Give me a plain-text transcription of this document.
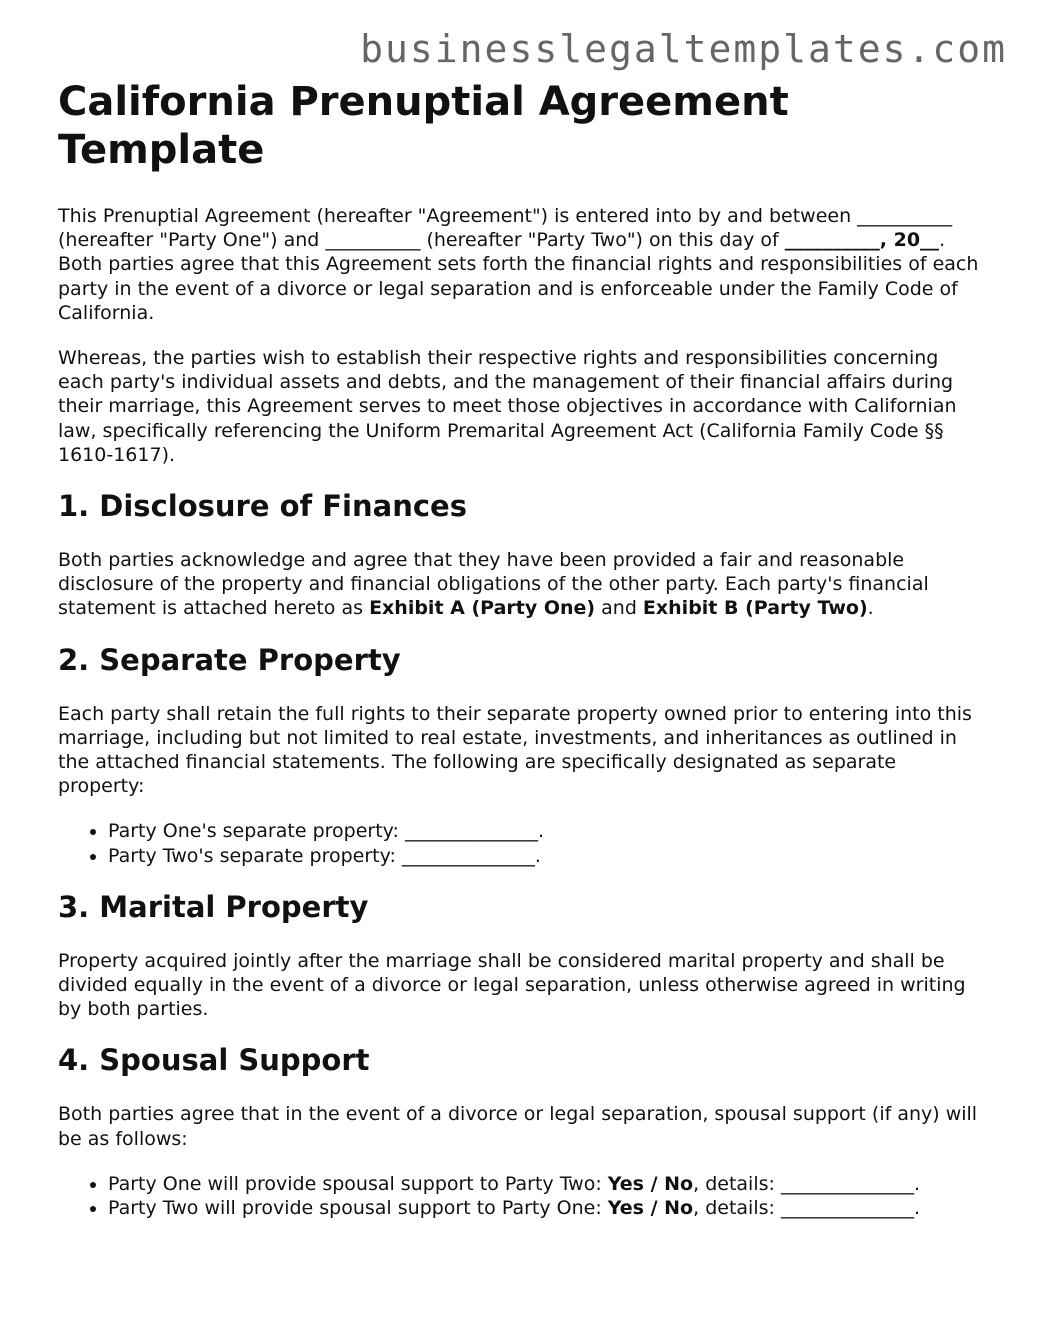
businesslegaltemplates.com
California Prenuptial Agreement Template

This Prenuptial Agreement (hereafter "Agreement") is entered into by and between __________ (hereafter "Party One") and __________ (hereafter "Party Two") on this day of __________, 20__. Both parties agree that this Agreement sets forth the financial rights and responsibilities of each party in the event of a divorce or legal separation and is enforceable under the Family Code of California.

Whereas, the parties wish to establish their respective rights and responsibilities concerning each party's individual assets and debts, and the management of their financial affairs during their marriage, this Agreement serves to meet those objectives in accordance with Californian law, specifically referencing the Uniform Premarital Agreement Act (California Family Code §§ 1610-1617).

1. Disclosure of Finances

Both parties acknowledge and agree that they have been provided a fair and reasonable disclosure of the property and financial obligations of the other party. Each party's financial statement is attached hereto as Exhibit A (Party One) and Exhibit B (Party Two).

2. Separate Property

Each party shall retain the full rights to their separate property owned prior to entering into this marriage, including but not limited to real estate, investments, and inheritances as outlined in the attached financial statements. The following are specifically designated as separate property:

• Party One's separate property: ______________.
• Party Two's separate property: ______________.
3. Marital Property

Property acquired jointly after the marriage shall be considered marital property and shall be divided equally in the event of a divorce or legal separation, unless otherwise agreed in writing by both parties.

4. Spousal Support

Both parties agree that in the event of a divorce or legal separation, spousal support (if any) will be as follows:

• Party One will provide spousal support to Party Two: Yes / No, details: ______________.
• Party Two will provide spousal support to Party One: Yes / No, details: ______________.
